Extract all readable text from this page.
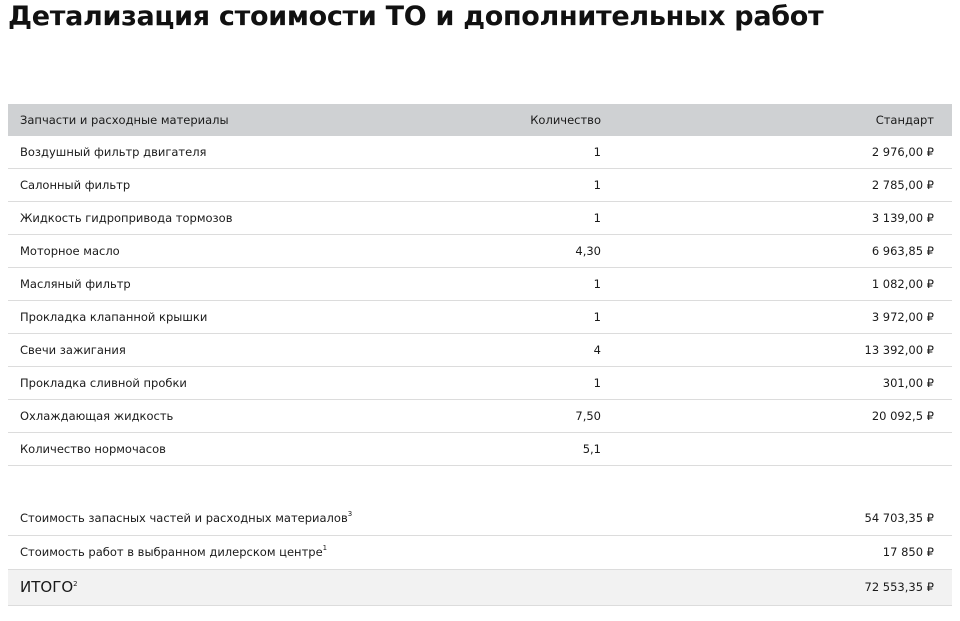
Детализация стоимости ТО и дополнительных работ
Запчасти и расходные материалы	Количество	Стандарт
Воздушный фильтр двигателя	1	2 976,00 ₽
Салонный фильтр	1	2 785,00 ₽
Жидкость гидропривода тормозов	1	3 139,00 ₽
Моторное масло	4,30	6 963,85 ₽
Масляный фильтр	1	1 082,00 ₽
Прокладка клапанной крышки	1	3 972,00 ₽
Свечи зажигания	4	13 392,00 ₽
Прокладка сливной пробки	1	301,00 ₽
Охлаждающая жидкость	7,50	20 092,5 ₽
Количество нормочасов	5,1
Стоимость запасных частей и расходных материалов$^3$	54 703,35 ₽
Стоимость работ в выбранном дилерском центре$^1$	17 850 ₽
ИТОГО$^2$	72 553,35 ₽
